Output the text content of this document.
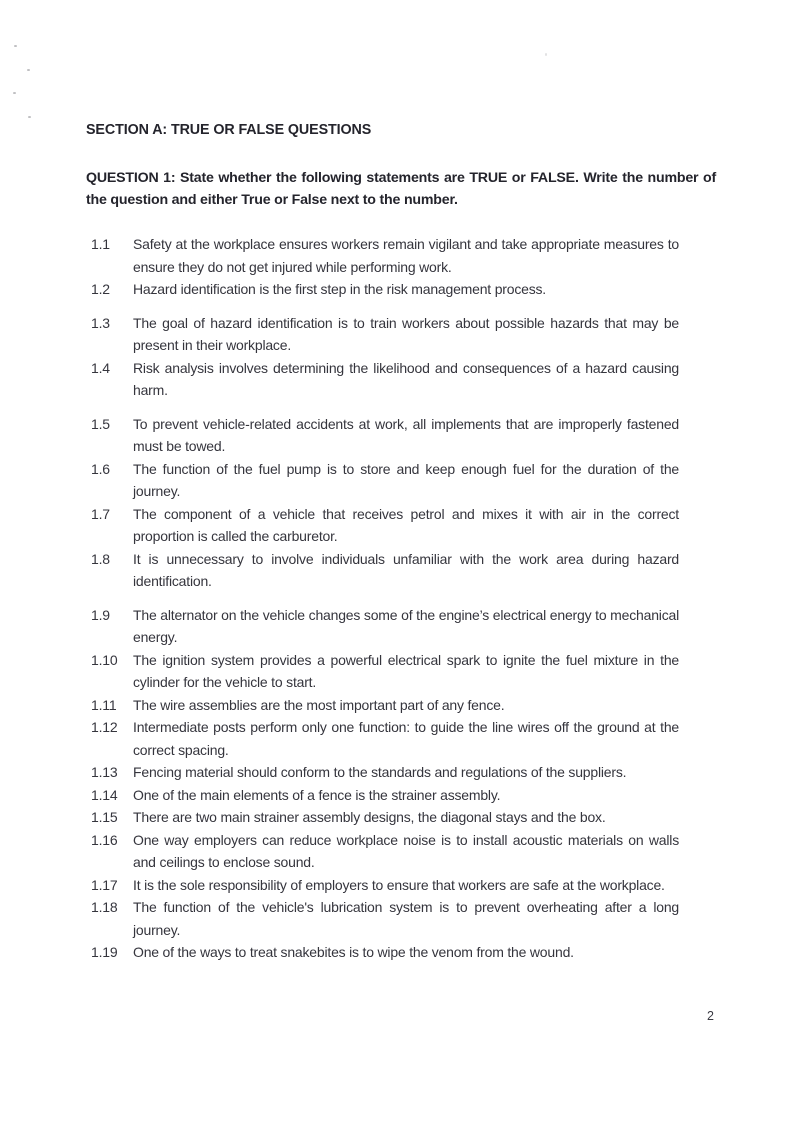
SECTION A: TRUE OR FALSE QUESTIONS
QUESTION 1: State whether the following statements are TRUE or FALSE. Write the number of the question and either True or False next to the number.
1.1	Safety at the workplace ensures workers remain vigilant and take appropriate measures to ensure they do not get injured while performing work.
1.2	Hazard identification is the first step in the risk management process.
1.3	The goal of hazard identification is to train workers about possible hazards that may be present in their workplace.
1.4	Risk analysis involves determining the likelihood and consequences of a hazard causing harm.
1.5	To prevent vehicle-related accidents at work, all implements that are improperly fastened must be towed.
1.6	The function of the fuel pump is to store and keep enough fuel for the duration of the journey.
1.7	The component of a vehicle that receives petrol and mixes it with air in the correct proportion is called the carburetor.
1.8	It is unnecessary to involve individuals unfamiliar with the work area during hazard identification.
1.9	The alternator on the vehicle changes some of the engine’s electrical energy to mechanical energy.
1.10	The ignition system provides a powerful electrical spark to ignite the fuel mixture in the cylinder for the vehicle to start.
1.11	The wire assemblies are the most important part of any fence.
1.12	Intermediate posts perform only one function: to guide the line wires off the ground at the correct spacing.
1.13	Fencing material should conform to the standards and regulations of the suppliers.
1.14	One of the main elements of a fence is the strainer assembly.
1.15	There are two main strainer assembly designs, the diagonal stays and the box.
1.16	One way employers can reduce workplace noise is to install acoustic materials on walls and ceilings to enclose sound.
1.17	It is the sole responsibility of employers to ensure that workers are safe at the workplace.
1.18	The function of the vehicle's lubrication system is to prevent overheating after a long journey.
1.19	One of the ways to treat snakebites is to wipe the venom from the wound.
2
